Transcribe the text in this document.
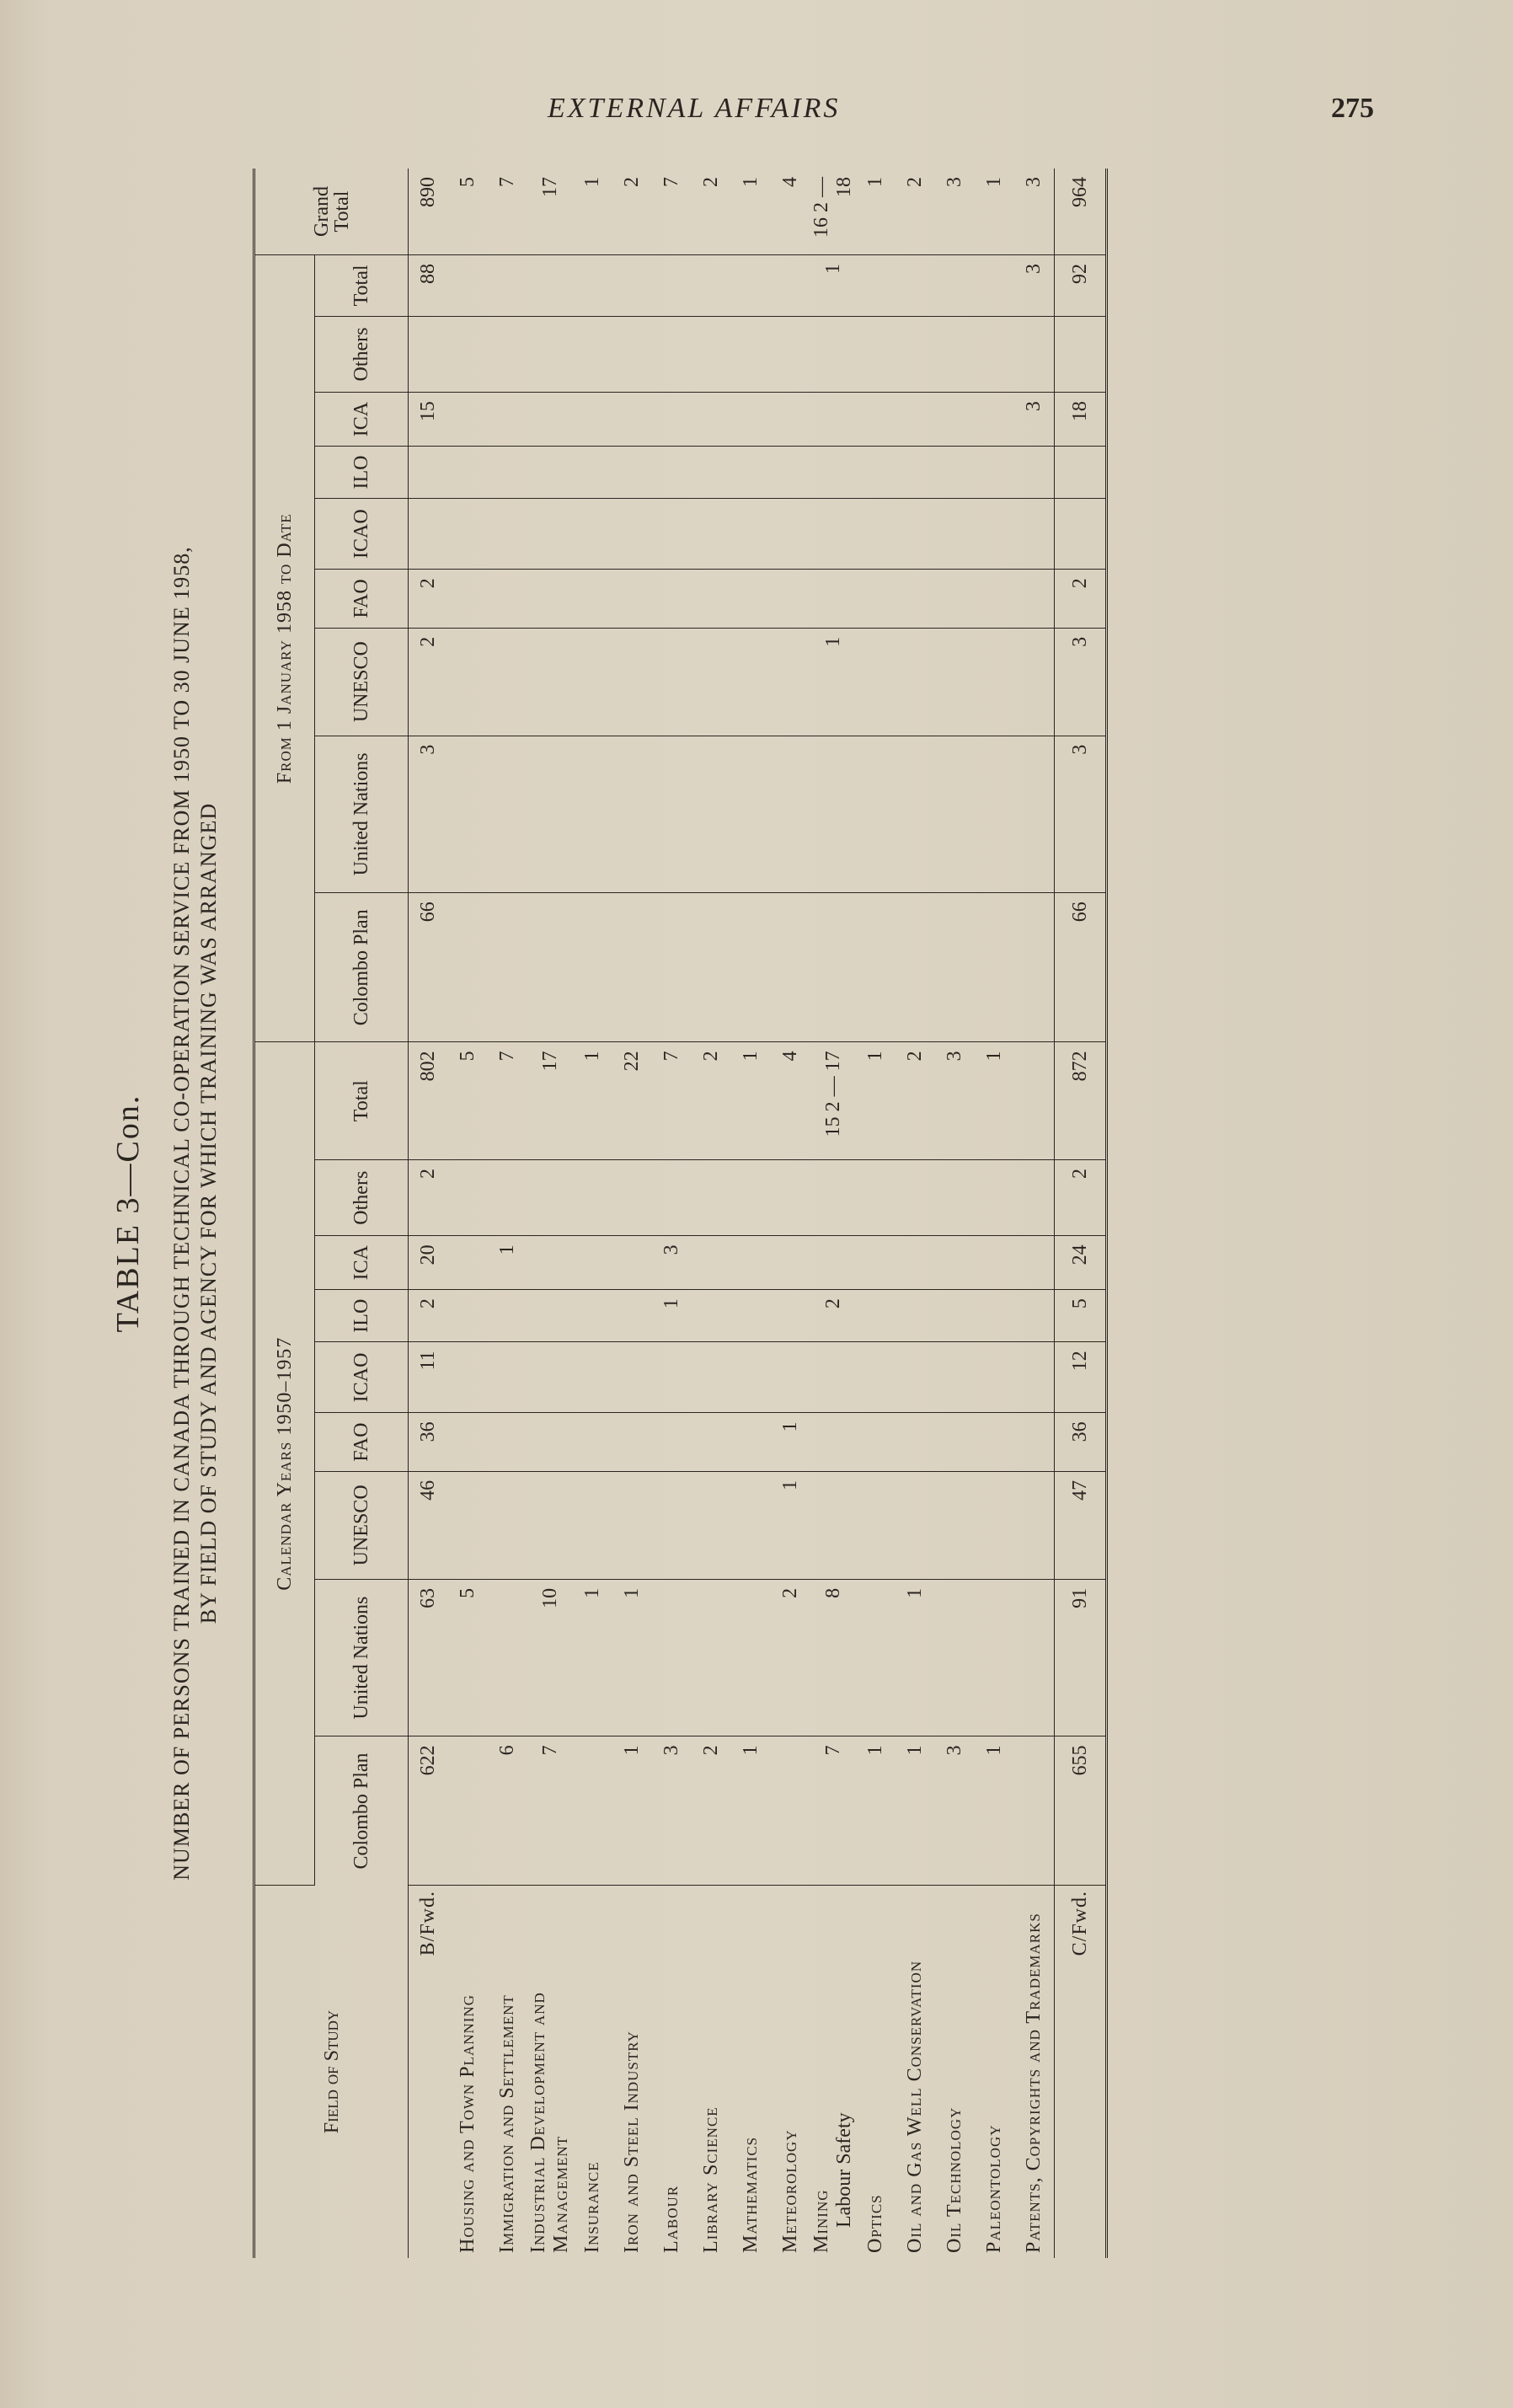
EXTERNAL AFFAIRS	275
TABLE 3—Con. NUMBER OF PERSONS TRAINED IN CANADA THROUGH TECHNICAL CO-OPERATION SERVICE FROM 1950 TO 30 JUNE 1958, BY FIELD OF STUDY AND AGENCY FOR WHICH TRAINING WAS ARRANGED
Field of Study	Calendar Years 1950–1957									From 1 January 1958 to Date									Grand Total
	Colombo Plan	United Nations	UNESCO	FAO	ICAO	ILO	ICA	Others	Total	Colombo Plan	United Nations	UNESCO	FAO	ICAO	ILO	ICA	Others	Total	

B/Fwd.	622	63	46	36	11	2	20	2	802	66	3	2	2			15		88	890

Housing and Town Planning		5							5										5

Immigration and Settlement	6						1		7										7

Industrial Development and Management	7	10							17										17

Insurance		1							1										1

Iron and Steel Industry	1	1							22										2

Labour	3					1	3		7										7

Library Science	2								2										2

Mathematics	1								1										1

Meteorology		2	1	1					4										4

Mining Labour Safety	7	8				2			15 2 — 17			1						1	16 2 — 18

Optics	1								1										1

Oil and Gas Well Conservation	1	1							2										2

Oil Technology	3								3										3

Paleontology	1								1										1

Patents, Copyrights and Trademarks																3		3	3

C/Fwd.	655	91	47	36	12	5	24	2	872	66	3	3	2			18		92	964
